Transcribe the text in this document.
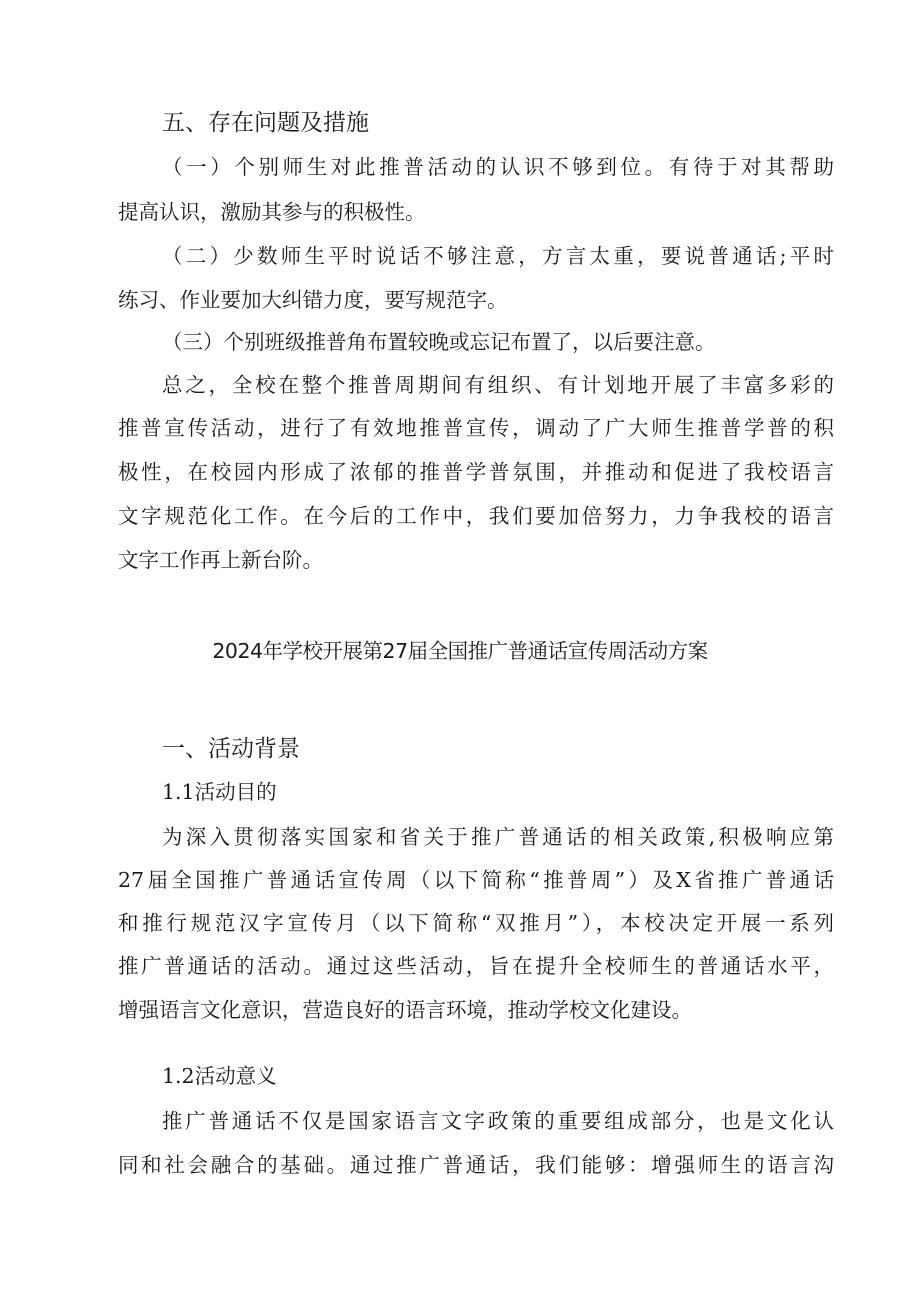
五、存在问题及措施
（一）个别师生对此推普活动的认识不够到位。有待于对其帮助
提高认识，激励其参与的积极性。
（二）少数师生平时说话不够注意，方言太重，要说普通话;平时
练习、作业要加大纠错力度，要写规范字。
（三）个别班级推普角布置较晚或忘记布置了，以后要注意。
总之，全校在整个推普周期间有组织、有计划地开展了丰富多彩的
推普宣传活动，进行了有效地推普宣传，调动了广大师生推普学普的积
极性，在校园内形成了浓郁的推普学普氛围，并推动和促进了我校语言
文字规范化工作。在今后的工作中，我们要加倍努力，力争我校的语言
文字工作再上新台阶。
2024年学校开展第27届全国推广普通话宣传周活动方案
一、活动背景
1.1活动目的
为深入贯彻落实国家和省关于推广普通话的相关政策,积极响应第
27届全国推广普通话宣传周（以下简称“推普周”）及X省推广普通话
和推行规范汉字宣传月（以下简称“双推月”），本校决定开展一系列
推广普通话的活动。通过这些活动，旨在提升全校师生的普通话水平，
增强语言文化意识，营造良好的语言环境，推动学校文化建设。
1.2活动意义
推广普通话不仅是国家语言文字政策的重要组成部分，也是文化认
同和社会融合的基础。通过推广普通话，我们能够：增强师生的语言沟
